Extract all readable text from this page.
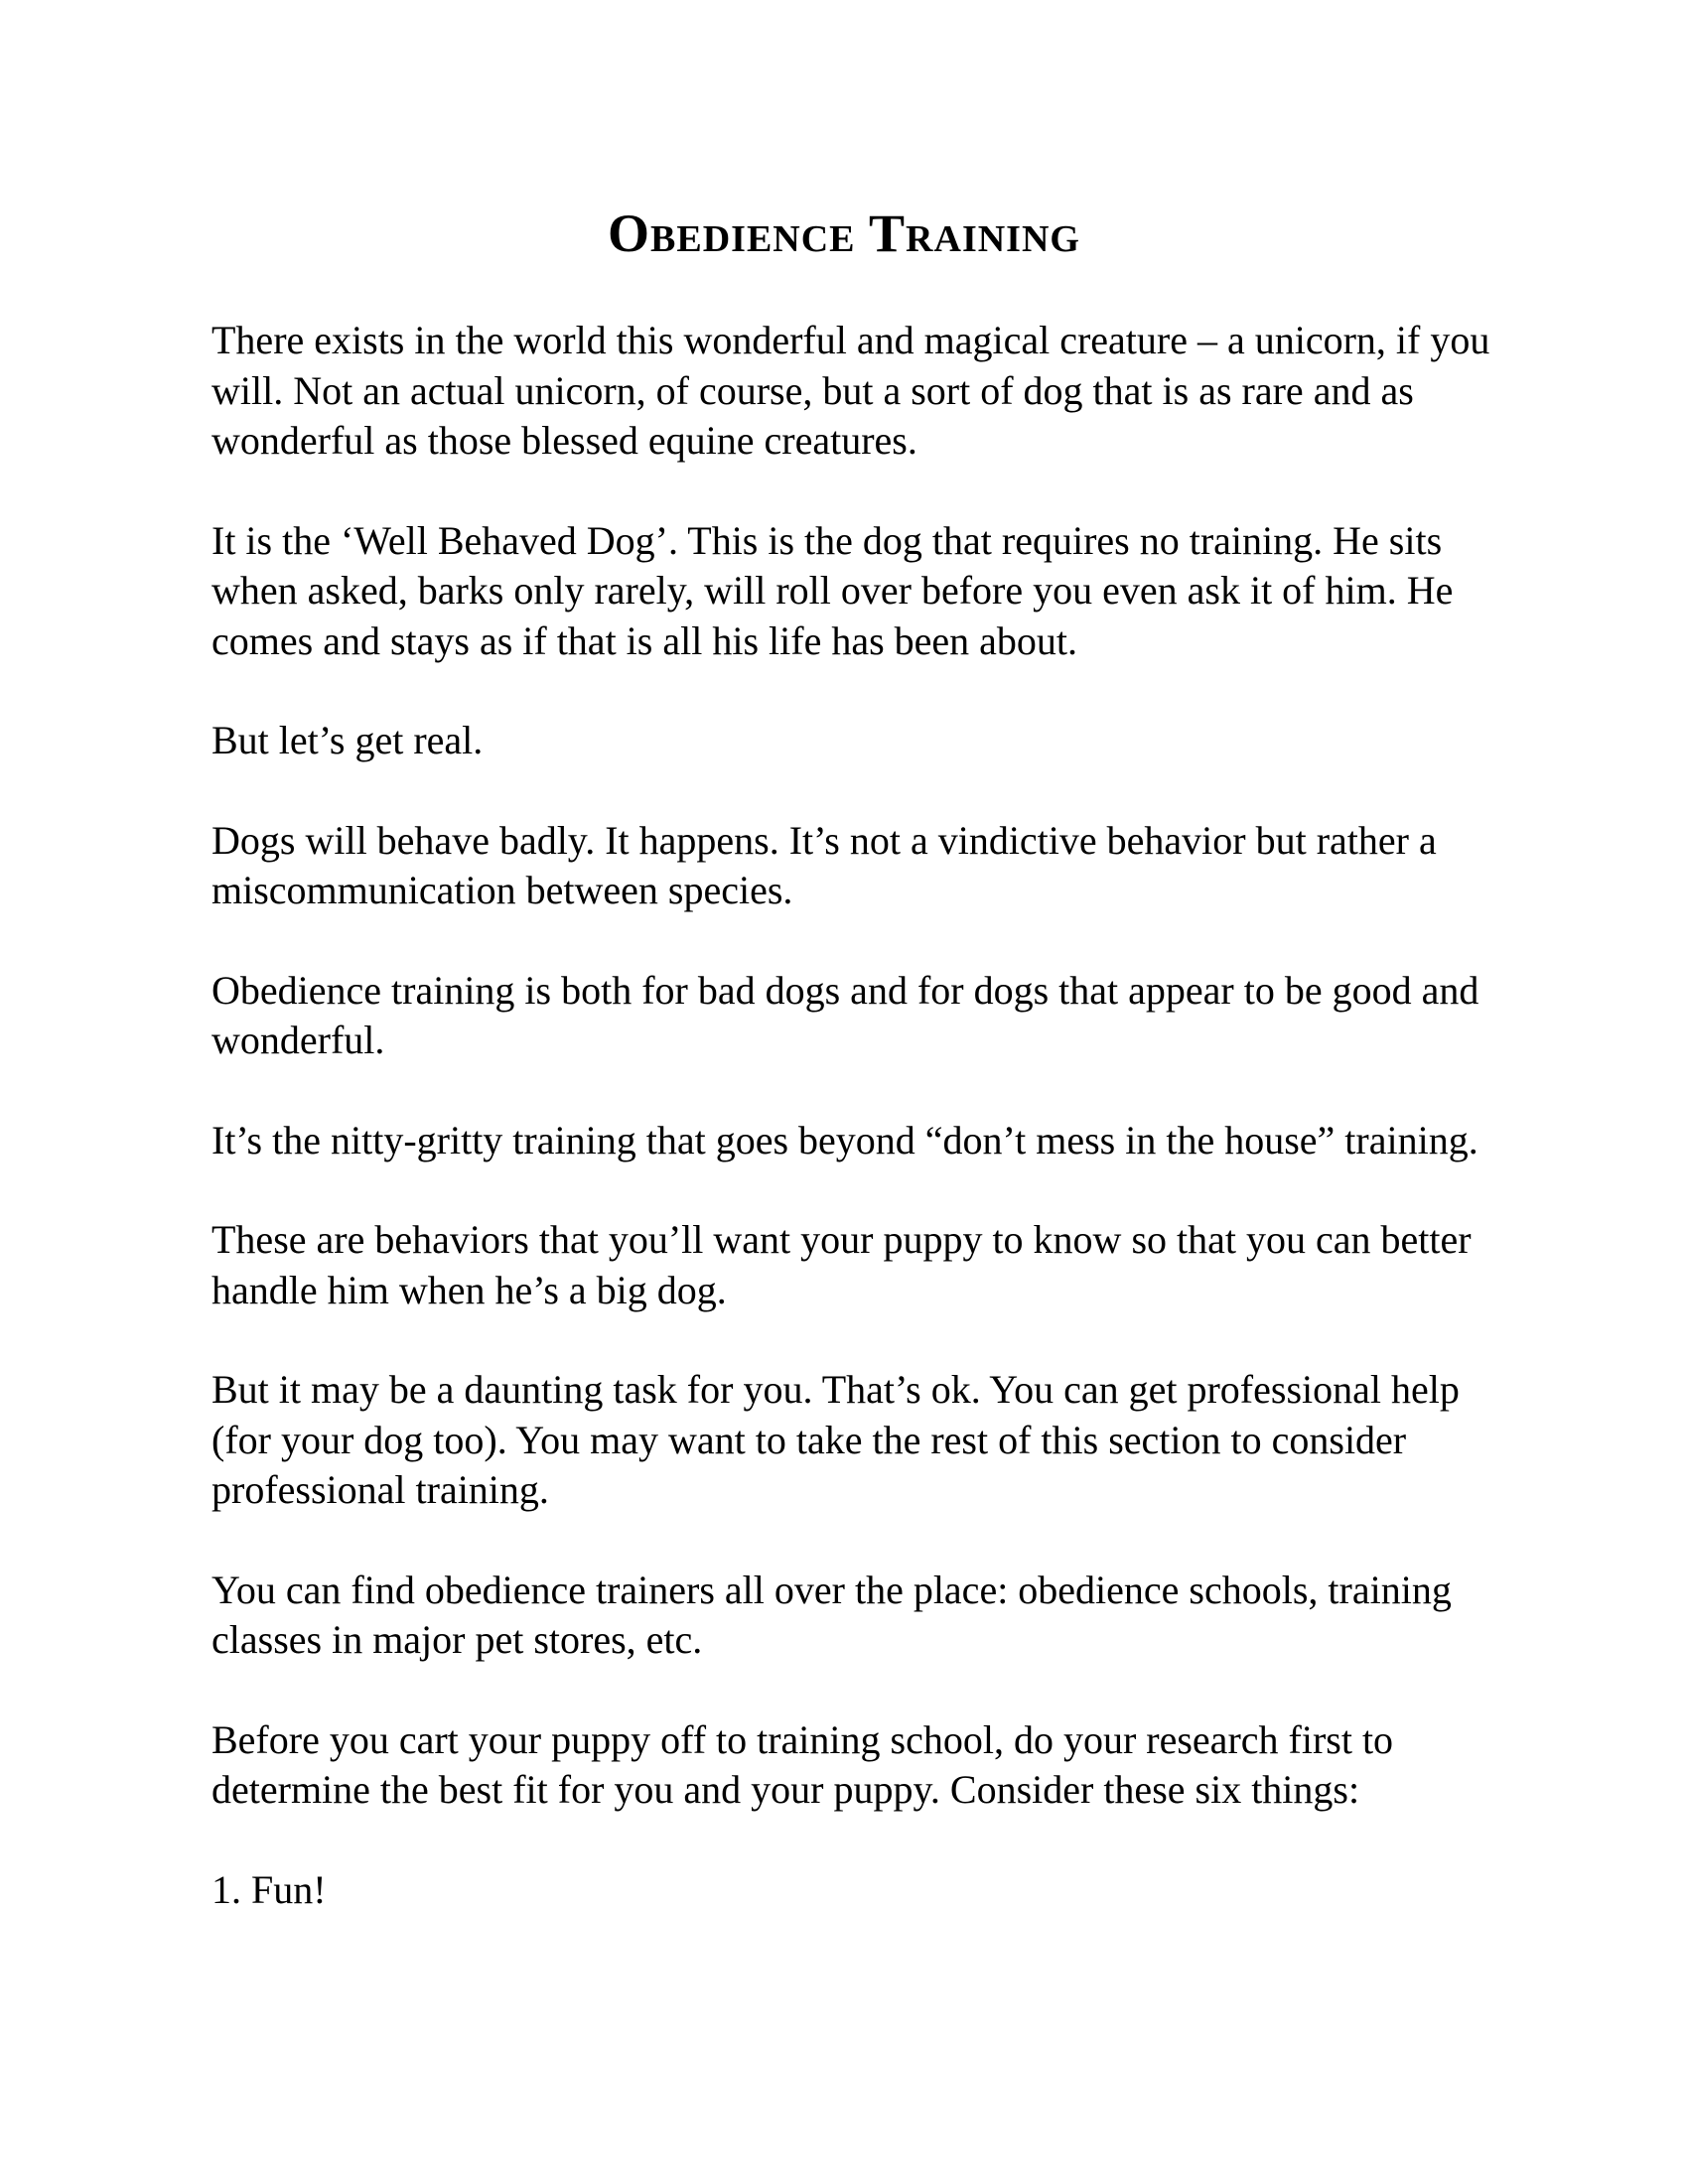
Obedience Training

There exists in the world this wonderful and magical creature – a unicorn, if you will. Not an actual unicorn, of course, but a sort of dog that is as rare and as wonderful as those blessed equine creatures.

It is the ‘Well Behaved Dog’. This is the dog that requires no training. He sits when asked, barks only rarely, will roll over before you even ask it of him. He comes and stays as if that is all his life has been about.

But let’s get real.

Dogs will behave badly. It happens. It’s not a vindictive behavior but rather a miscommunication between species.

Obedience training is both for bad dogs and for dogs that appear to be good and wonderful.

It’s the nitty-gritty training that goes beyond “don’t mess in the house” training.

These are behaviors that you’ll want your puppy to know so that you can better handle him when he’s a big dog.

But it may be a daunting task for you. That’s ok. You can get professional help (for your dog too). You may want to take the rest of this section to consider professional training.

You can find obedience trainers all over the place: obedience schools, training classes in major pet stores, etc.

Before you cart your puppy off to training school, do your research first to determine the best fit for you and your puppy. Consider these six things:

1. Fun!
